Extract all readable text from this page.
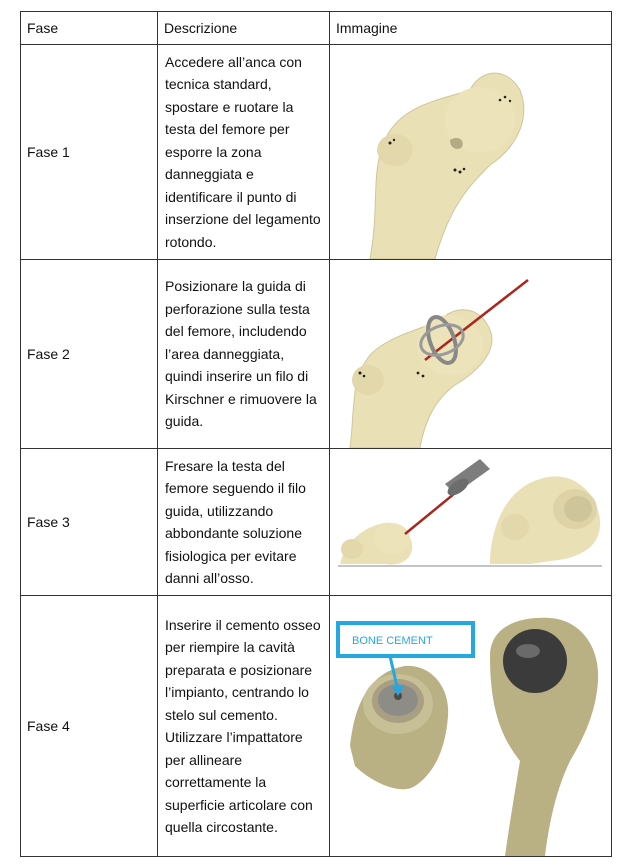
Fase	Descrizione	Immagine
Fase 1	Accedere all’anca con tecnica standard, spostare e ruotare la testa del femore per esporre la zona danneggiata e identificare il punto di inserzione del legamento rotondo.	

Fase 2	Posizionare la guida di perforazione sulla testa del femore, includendo l’area danneggiata, quindi inserire un filo di Kirschner e rimuovere la guida.	

Fase 3	Fresare la testa del femore seguendo il filo guida, utilizzando abbondante soluzione fisiologica per evitare danni all’osso.	

Fase 4	Inserire il cemento osseo per riempire la cavità preparata e posizionare l’impianto, centrando lo stelo sul cemento. Utilizzare l’impattatore per allineare correttamente la superficie articolare con quella circostante.	BONE CEMENT
